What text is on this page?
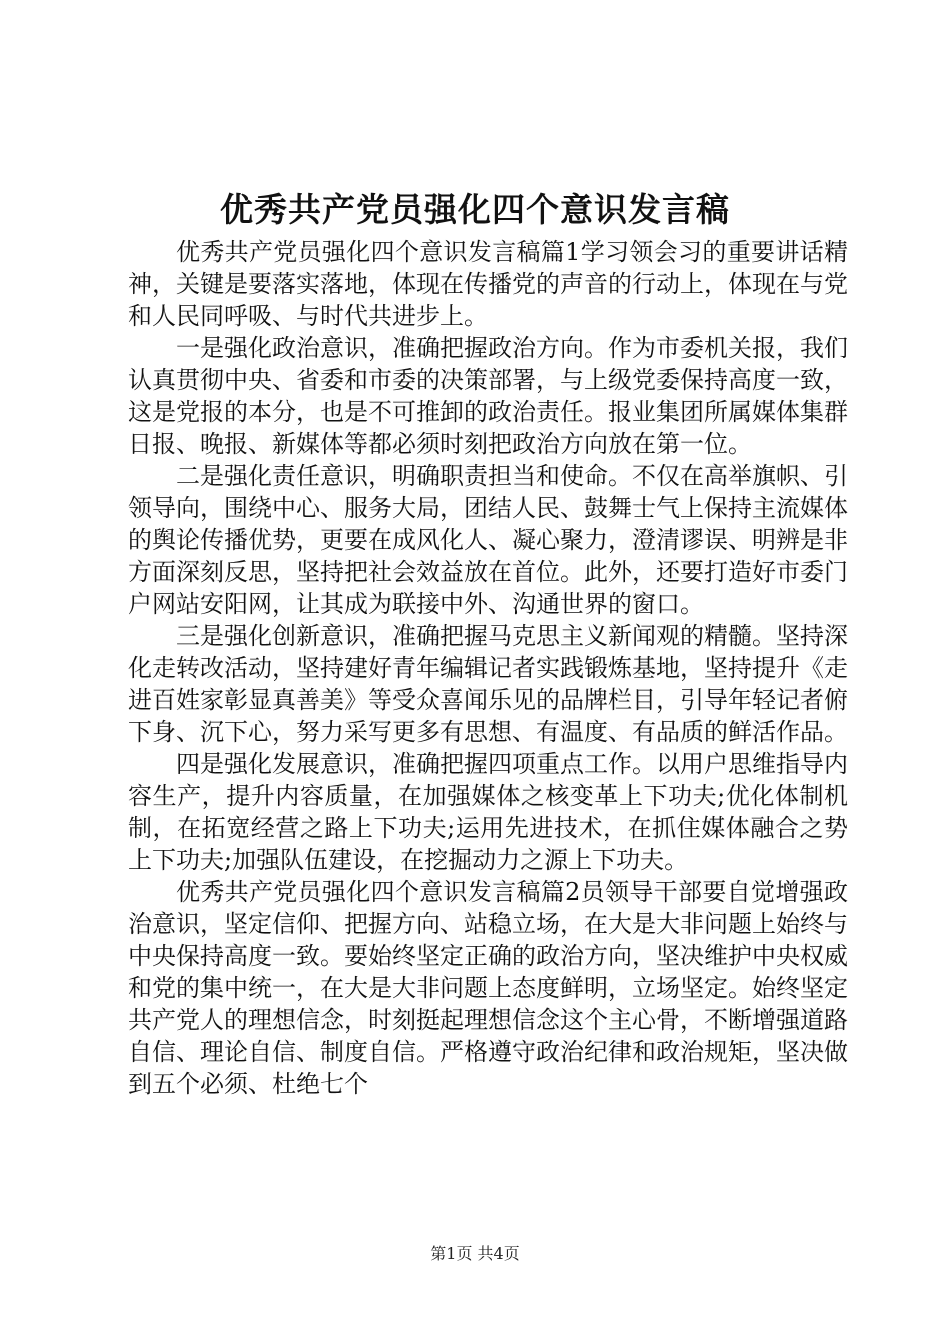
优秀共产党员强化四个意识发言稿

优秀共产党员强化四个意识发言稿篇1学习领会习的重要讲话精神，关键是要落实落地，体现在传播党的声音的行动上，体现在与党和人民同呼吸、与时代共进步上。

一是强化政治意识，准确把握政治方向。作为市委机关报，我们认真贯彻中央、省委和市委的决策部署，与上级党委保持高度一致，这是党报的本分，也是不可推卸的政治责任。报业集团所属媒体集群日报、晚报、新媒体等都必须时刻把政治方向放在第一位。

二是强化责任意识，明确职责担当和使命。不仅在高举旗帜、引领导向，围绕中心、服务大局，团结人民、鼓舞士气上保持主流媒体的舆论传播优势，更要在成风化人、凝心聚力，澄清谬误、明辨是非方面深刻反思，坚持把社会效益放在首位。此外，还要打造好市委门户网站安阳网，让其成为联接中外、沟通世界的窗口。

三是强化创新意识，准确把握马克思主义新闻观的精髓。坚持深化走转改活动，坚持建好青年编辑记者实践锻炼基地，坚持提升《走进百姓家彰显真善美》等受众喜闻乐见的品牌栏目，引导年轻记者俯下身、沉下心，努力采写更多有思想、有温度、有品质的鲜活作品。

四是强化发展意识，准确把握四项重点工作。以用户思维指导内容生产，提升内容质量，在加强媒体之核变革上下功夫;优化体制机制，在拓宽经营之路上下功夫;运用先进技术，在抓住媒体融合之势上下功夫;加强队伍建设，在挖掘动力之源上下功夫。

优秀共产党员强化四个意识发言稿篇2员领导干部要自觉增强政治意识，坚定信仰、把握方向、站稳立场，在大是大非问题上始终与中央保持高度一致。要始终坚定正确的政治方向，坚决维护中央权威和党的集中统一，在大是大非问题上态度鲜明，立场坚定。始终坚定共产党人的理想信念，时刻挺起理想信念这个主心骨，不断增强道路自信、理论自信、制度自信。严格遵守政治纪律和政治规矩，坚决做到五个必须、杜绝七个

第1页 共4页
